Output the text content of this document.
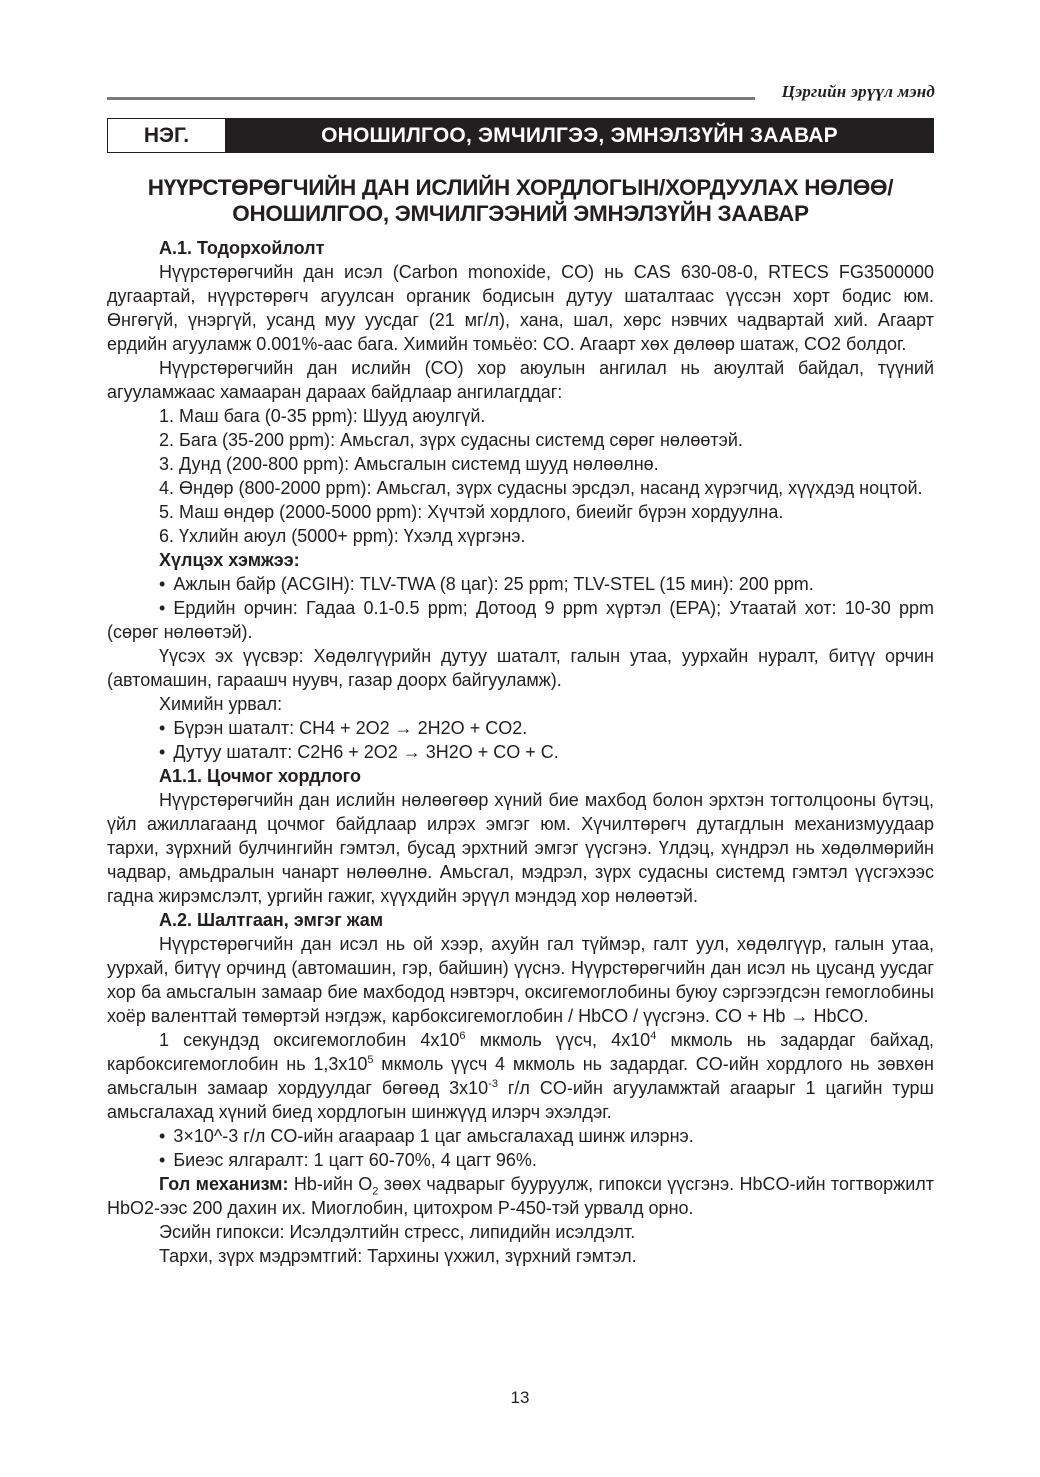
Цэргийн эрүүл мэнд
НЭГ.	ОНОШИЛГОО, ЭМЧИЛГЭЭ, ЭМНЭЛЗҮЙН ЗААВАР
НҮҮРСТӨРӨГЧИЙН ДАН ИСЛИЙН ХОРДЛОГЫН/ХОРДУУЛАХ НӨЛӨӨ/
ОНОШИЛГОО, ЭМЧИЛГЭЭНИЙ ЭМНЭЛЗҮЙН ЗААВАР

А.1. Тодорхойлолт

Нүүрстөрөгчийн дан исэл (Carbon monoxide, CO) нь CAS 630-08-0, RTECS FG3500000 дугаартай, нүүрстөрөгч агуулсан органик бодисын дутуу шаталтаас үүссэн хорт бодис юм. Өнгөгүй, үнэргүй, усанд муу уусдаг (21 мг/л), хана, шал, хөрс нэвчих чадвартай хий. Агаарт ердийн агууламж 0.001%-аас бага. Химийн томьёо: CO. Агаарт хөх дөлөөр шатаж, CO2 болдог.

Нүүрстөрөгчийн дан ислийн (CO) хор аюулын ангилал нь аюултай байдал, түүний агууламжаас хамааран дараах байдлаар ангилагддаг:

1. Маш бага (0-35 ppm): Шууд аюулгүй.

2. Бага (35-200 ppm): Амьсгал, зүрх судасны системд сөрөг нөлөөтэй.

3. Дунд (200-800 ppm): Амьсгалын системд шууд нөлөөлнө.

4. Өндөр (800-2000 ppm): Амьсгал, зүрх судасны эрсдэл, насанд хүрэгчид, хүүхдэд ноцтой.

5. Маш өндөр (2000-5000 ppm): Хүчтэй хордлого, биеийг бүрэн хордуулна.

6. Үхлийн аюул (5000+ ppm): Үхэлд хүргэнэ.

Хүлцэх хэмжээ:

• Ажлын байр (ACGIH): TLV-TWA (8 цаг): 25 ppm; TLV-STEL (15 мин): 200 ppm.

• Ердийн орчин: Гадаа 0.1-0.5 ppm; Дотоод 9 ppm хүртэл (EPA); Утаатай хот: 10-30 ppm (сөрөг нөлөөтэй).

Үүсэх эх үүсвэр: Хөдөлгүүрийн дутуу шаталт, галын утаа, уурхайн нуралт, битүү орчин (автомашин, гараашч нуувч, газар доорх байгууламж).

Химийн урвал:

• Бүрэн шаталт: CH4 + 2O2 → 2H2O + CO2.

• Дутуу шаталт: C2H6 + 2O2 → 3H2O + CO + C.

А1.1. Цочмог хордлого

Нүүрстөрөгчийн дан ислийн нөлөөгөөр хүний бие махбод болон эрхтэн тогтолцооны бүтэц, үйл ажиллагаанд цочмог байдлаар илрэх эмгэг юм. Хүчилтөрөгч дутагдлын механизмуудаар тархи, зүрхний булчингийн гэмтэл, бусад эрхтний эмгэг үүсгэнэ. Үлдэц, хүндрэл нь хөдөлмөрийн чадвар, амьдралын чанарт нөлөөлнө. Амьсгал, мэдрэл, зүрх судасны системд гэмтэл үүсгэхээс гадна жирэмслэлт, ургийн гажиг, хүүхдийн эрүүл мэндэд хор нөлөөтэй.

А.2. Шалтгаан, эмгэг жам

Нүүрстөрөгчийн дан исэл нь ой хээр, ахуйн гал түймэр, галт уул, хөдөлгүүр, галын утаа, уурхай, битүү орчинд (автомашин, гэр, байшин) үүснэ. Нүүрстөрөгчийн дан исэл нь цусанд уусдаг хор ба амьсгалын замаар бие махбодод нэвтэрч, оксигемоглобины буюу сэргээгдсэн гемоглобины хоёр валенттай төмөртэй нэгдэж, карбоксигемоглобин / HbCO / үүсгэнэ. CO + Hb → HbCO.

1 секундэд оксигемоглобин $4х10^6$ мкмоль үүсч, $4х10^4$ мкмоль нь задардаг байхад, карбоксигемоглобин нь $1,3х10^5$ мкмоль үүсч 4 мкмоль нь задардаг. CO-ийн хордлого нь зөвхөн амьсгалын замаар хордуулдаг бөгөөд $3х10^{-3}$ г/л CO-ийн агууламжтай агаарыг 1 цагийн турш амьсгалахад хүний биед хордлогын шинжүүд илэрч эхэлдэг.

• 3×10^-3 г/л CO-ийн агаараар 1 цаг амьсгалахад шинж илэрнэ.

• Биеэс ялгаралт: 1 цагт 60-70%, 4 цагт 96%.

Гол механизм: Hb-ийн $O_2$ зөөх чадварыг бууруулж, гипокси үүсгэнэ. HbCO-ийн тогтворжилт HbO2-ээс 200 дахин их. Миоглобин, цитохром P-450-тэй урвалд орно.

Эсийн гипокси: Исэлдэлтийн стресс, липидийн исэлдэлт.

Тархи, зүрх мэдрэмтгий: Тархины үхжил, зүрхний гэмтэл.

13
